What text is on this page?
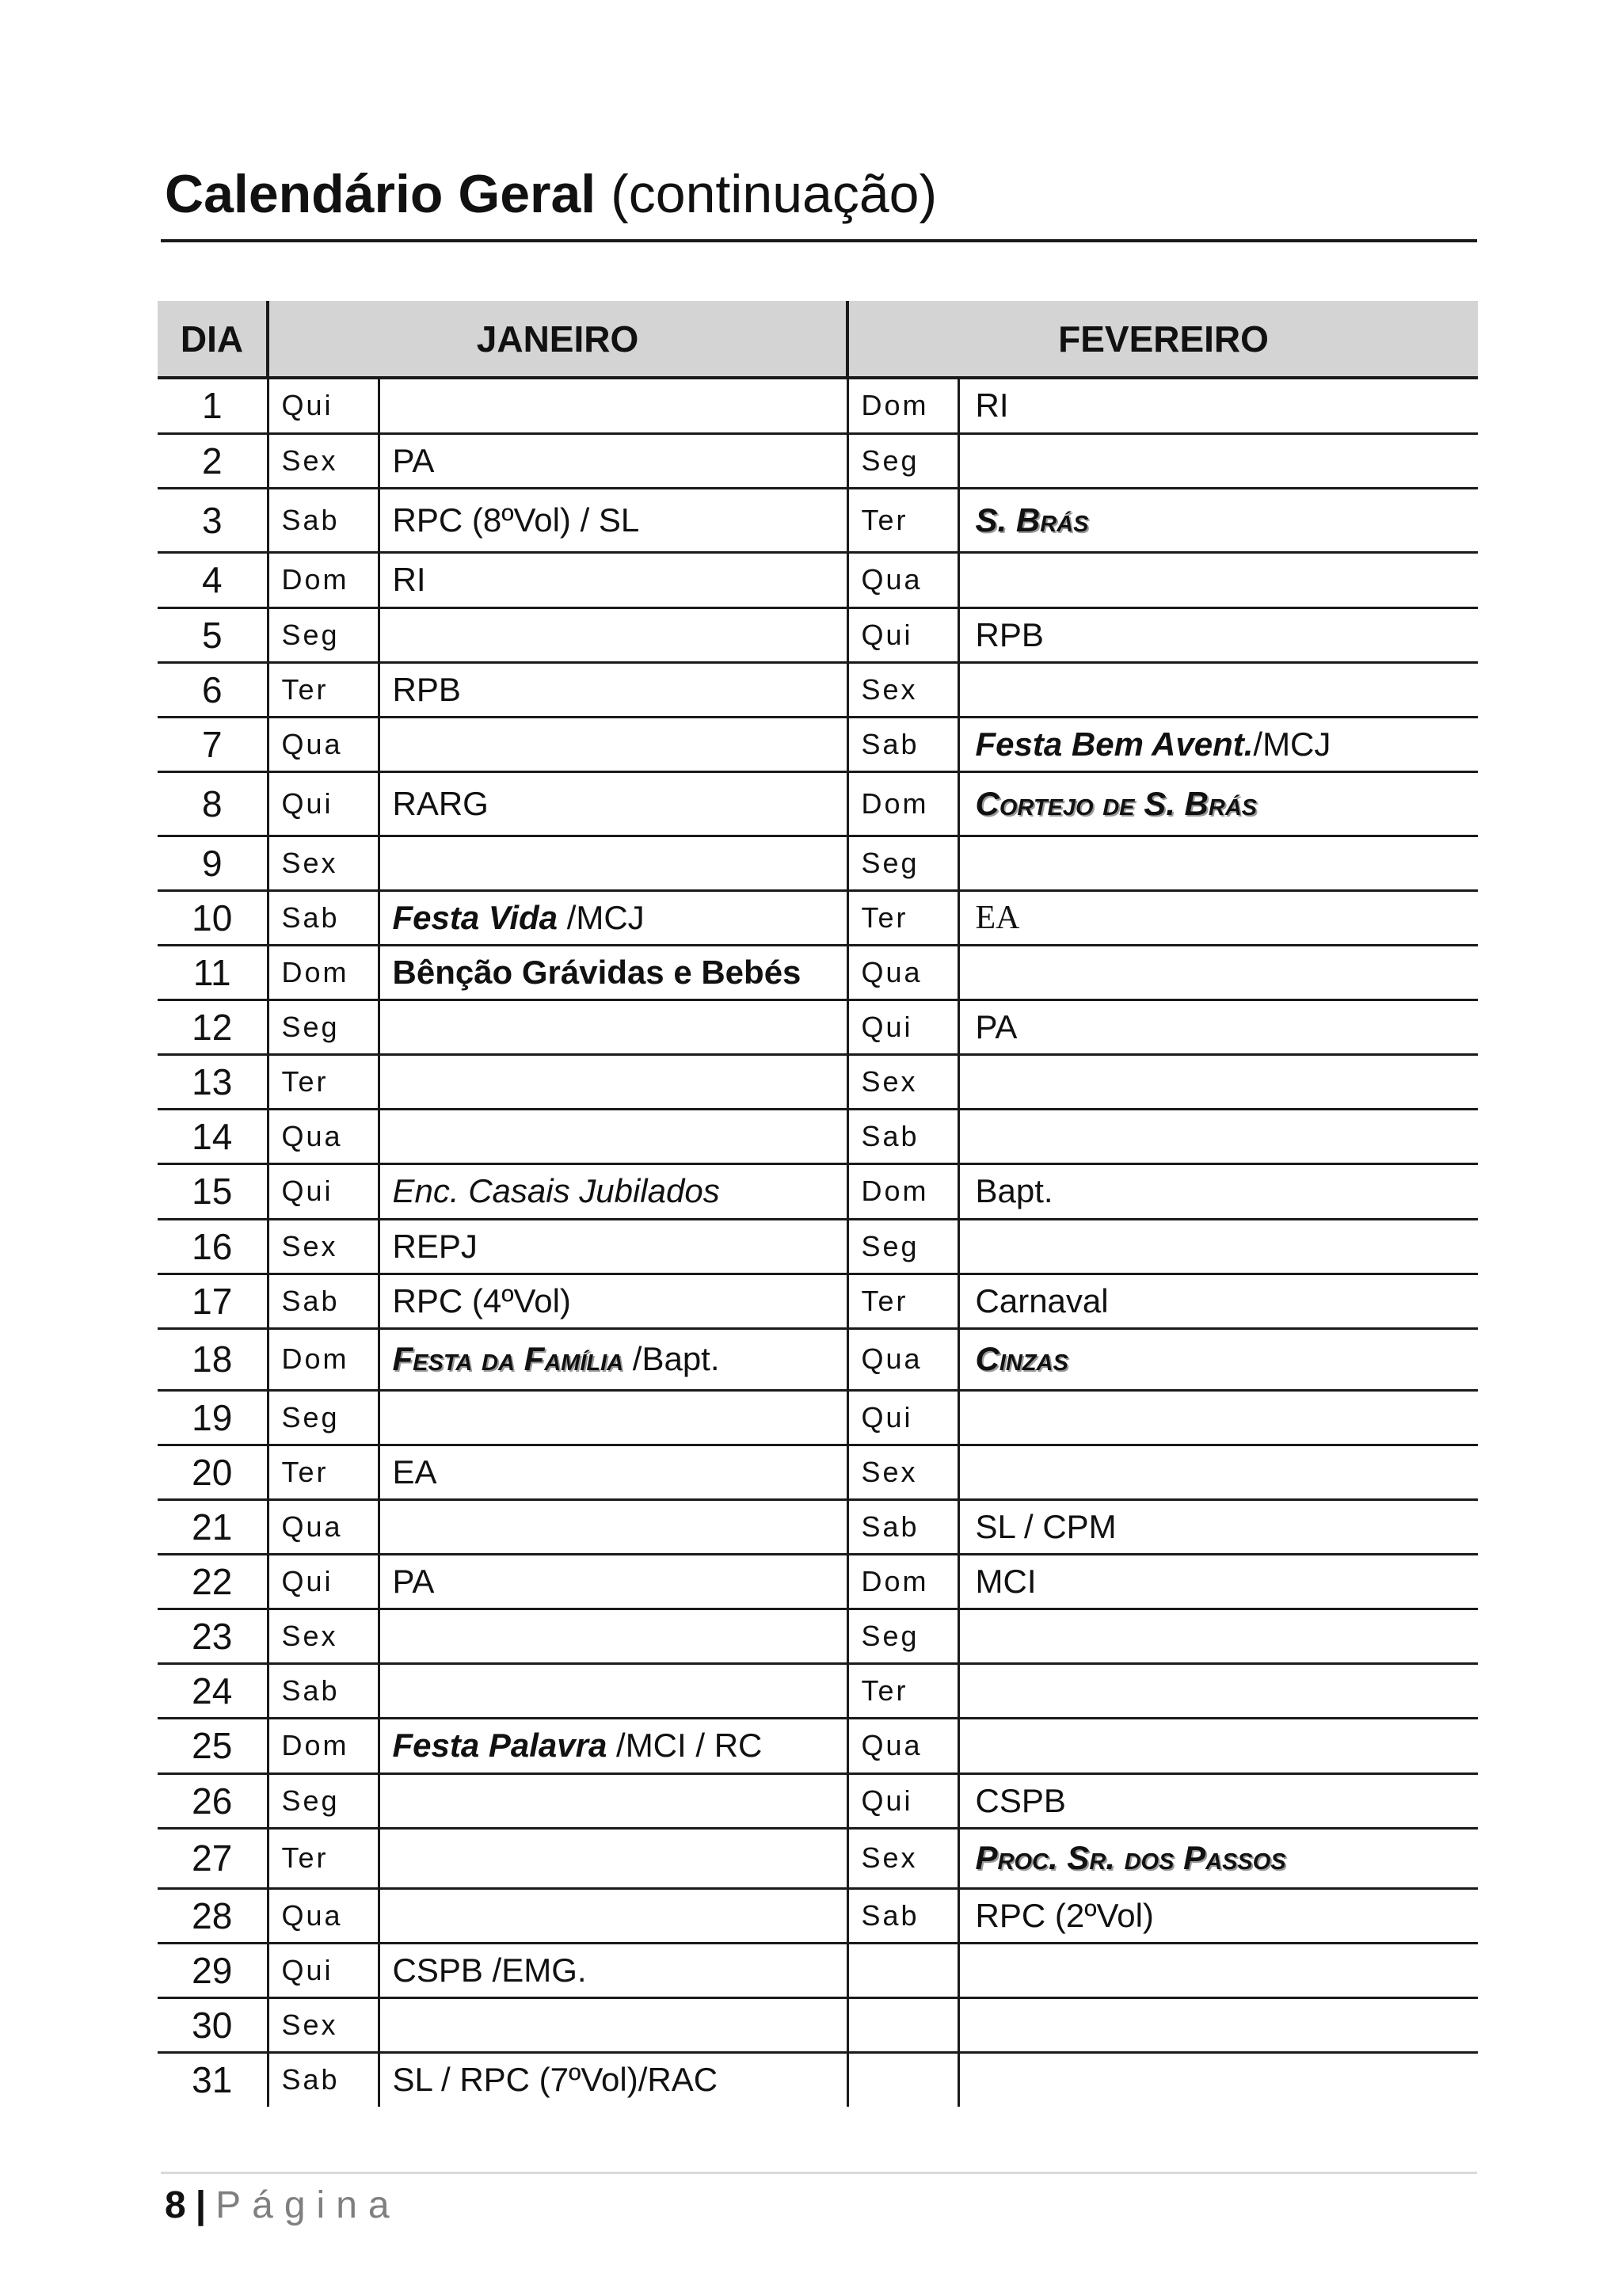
Calendário Geral (continuação)
DIA	JANEIRO		FEVEREIRO	
1	Qui		Dom	RI
2	Sex	PA	Seg	
3	Sab	RPC (8ºVol) / SL	Ter	S. Brás
4	Dom	RI	Qua	
5	Seg		Qui	RPB
6	Ter	RPB	Sex	
7	Qua		Sab	Festa Bem Avent./MCJ
8	Qui	RARG	Dom	Cortejo de S. Brás
9	Sex		Seg	
10	Sab	Festa Vida /MCJ	Ter	EA
11	Dom	Bênção Grávidas e Bebés	Qua	
12	Seg		Qui	PA
13	Ter		Sex	
14	Qua		Sab	
15	Qui	Enc. Casais Jubilados	Dom	Bapt.
16	Sex	REPJ	Seg	
17	Sab	RPC (4ºVol)	Ter	Carnaval
18	Dom	Festa da Família /Bapt.	Qua	Cinzas
19	Seg		Qui	
20	Ter	EA	Sex	
21	Qua		Sab	SL / CPM
22	Qui	PA	Dom	MCI
23	Sex		Seg	
24	Sab		Ter	
25	Dom	Festa Palavra /MCI / RC	Qua	
26	Seg		Qui	CSPB
27	Ter		Sex	Proc. Sr. dos Passos
28	Qua		Sab	RPC (2ºVol)
29	Qui	CSPB /EMG.		
30	Sex			
31	Sab	SL / RPC (7ºVol)/RAC		
8 | Página
